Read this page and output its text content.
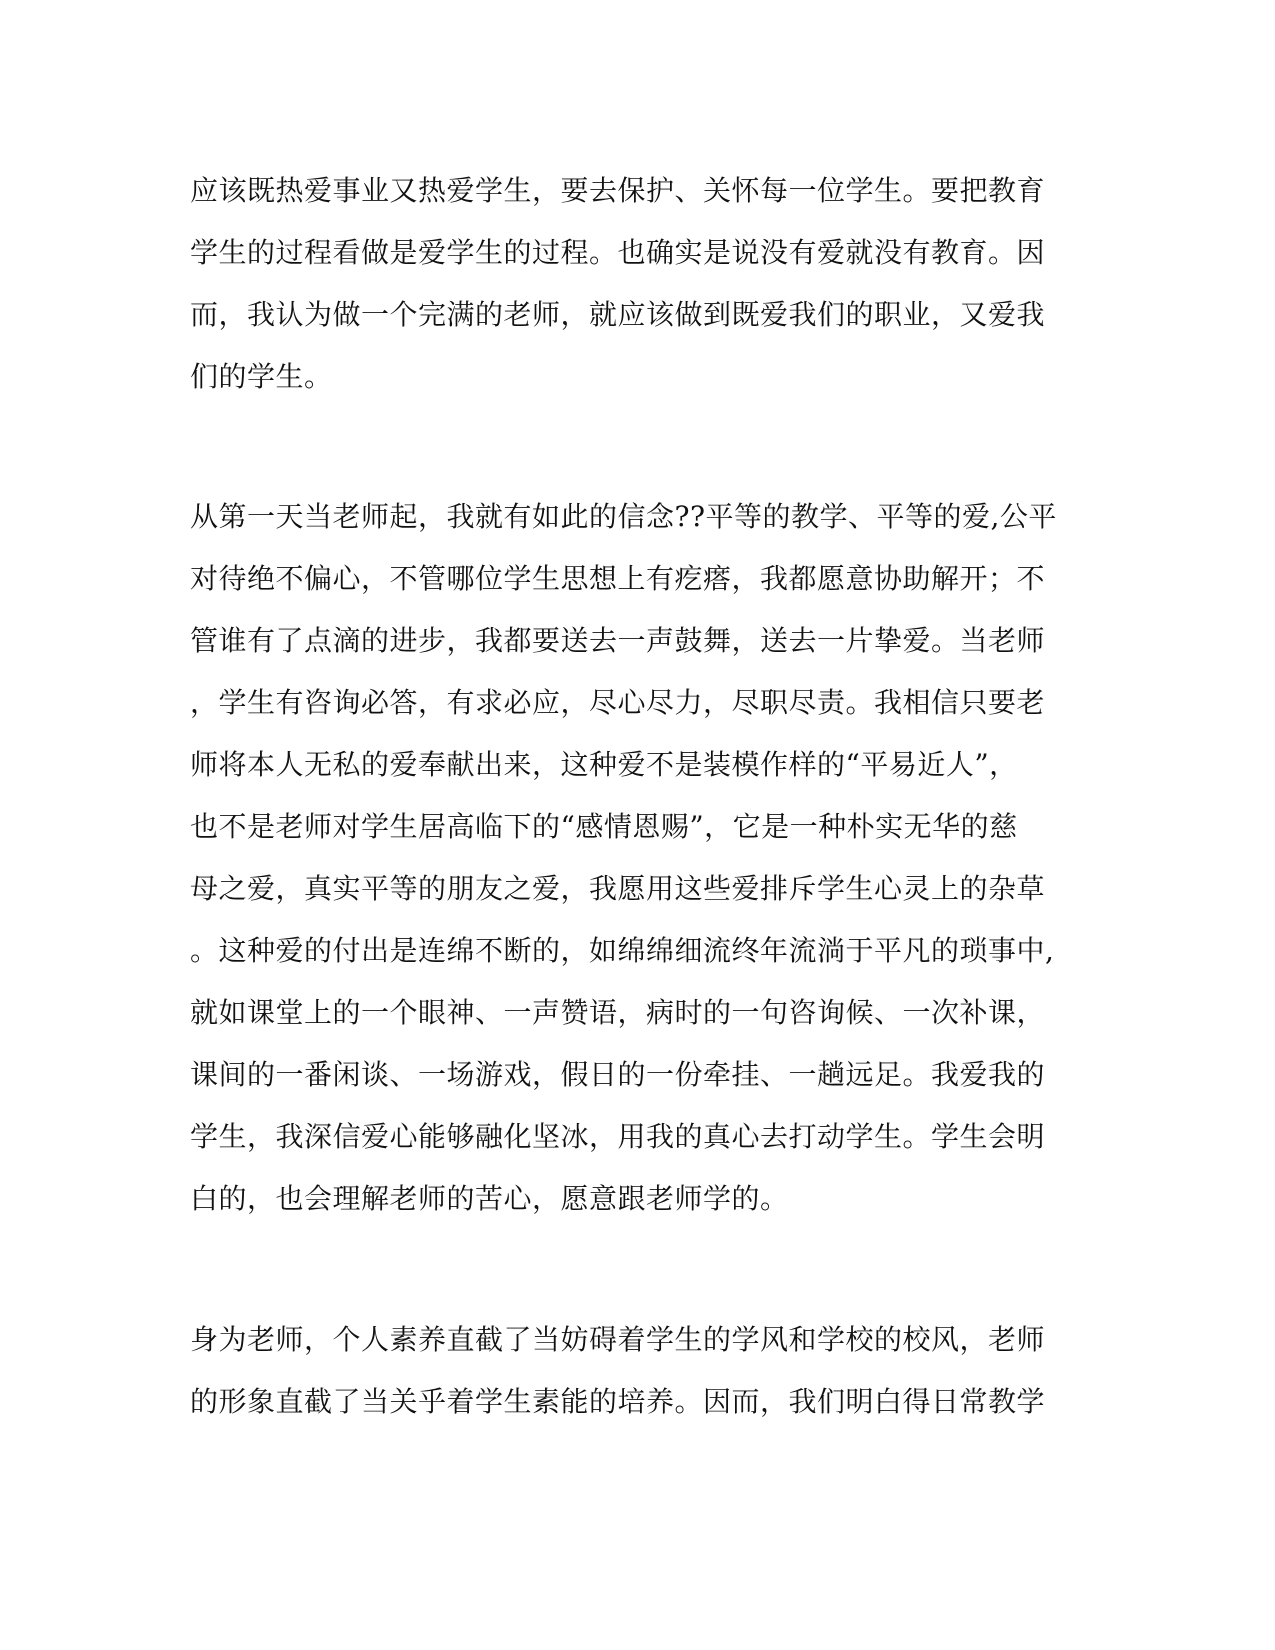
应该既热爱事业又热爱学生，要去保护、关怀每一位学生。要把教育
学生的过程看做是爱学生的过程。也确实是说没有爱就没有教育。因
而，我认为做一个完满的老师，就应该做到既爱我们的职业，又爱我
们的学生。
从第一天当老师起，我就有如此的信念??平等的教学、平等的爱,公平
对待绝不偏心，不管哪位学生思想上有疙瘩，我都愿意协助解开；不
管谁有了点滴的进步，我都要送去一声鼓舞，送去一片挚爱。当老师
，学生有咨询必答，有求必应，尽心尽力，尽职尽责。我相信只要老
师将本人无私的爱奉献出来，这种爱不是装模作样的“平易近人”，
也不是老师对学生居高临下的“感情恩赐”，它是一种朴实无华的慈
母之爱，真实平等的朋友之爱，我愿用这些爱排斥学生心灵上的杂草
。这种爱的付出是连绵不断的，如绵绵细流终年流淌于平凡的琐事中,
就如课堂上的一个眼神、一声赞语，病时的一句咨询候、一次补课，
课间的一番闲谈、一场游戏，假日的一份牵挂、一趟远足。我爱我的
学生，我深信爱心能够融化坚冰，用我的真心去打动学生。学生会明
白的，也会理解老师的苦心，愿意跟老师学的。
身为老师，个人素养直截了当妨碍着学生的学风和学校的校风，老师
的形象直截了当关乎着学生素能的培养。因而，我们明白得日常教学
